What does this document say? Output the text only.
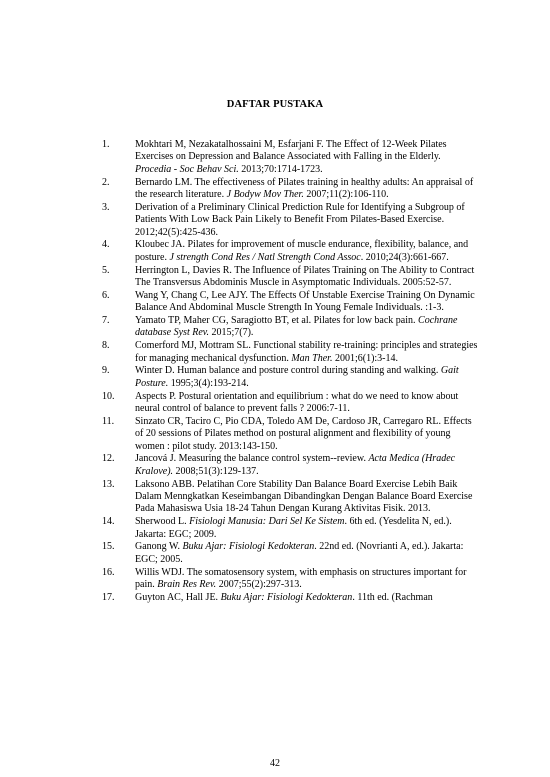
DAFTAR PUSTAKA
1.	Mokhtari M, Nezakatalhossaini M, Esfarjani F. The Effect of 12-Week Pilates Exercises on Depression and Balance Associated with Falling in the Elderly. Procedia - Soc Behav Sci. 2013;70:1714-1723.
2.	Bernardo LM. The effectiveness of Pilates training in healthy adults: An appraisal of the research literature. J Bodyw Mov Ther. 2007;11(2):106-110.
3.	Derivation of a Preliminary Clinical Prediction Rule for Identifying a Subgroup of Patients With Low Back Pain Likely to Benefit From Pilates-Based Exercise. 2012;42(5):425-436.
4.	Kloubec JA. Pilates for improvement of muscle endurance, flexibility, balance, and posture. J strength Cond Res / Natl Strength Cond Assoc. 2010;24(3):661-667.
5.	Herrington L, Davies R. The Influence of Pilates Training on The Ability to Contract The Transversus Abdominis Muscle in Asymptomatic Individuals. 2005:52-57.
6.	Wang Y, Chang C, Lee AJY. The Effects Of Unstable Exercise Training On Dynamic Balance And Abdominal Muscle Strength In Young Female Individuals. :1-3.
7.	Yamato TP, Maher CG, Saragiotto BT, et al. Pilates for low back pain. Cochrane database Syst Rev. 2015;7(7).
8.	Comerford MJ, Mottram SL. Functional stability re-training: principles and strategies for managing mechanical dysfunction. Man Ther. 2001;6(1):3-14.
9.	Winter D. Human balance and posture control during standing and walking. Gait Posture. 1995;3(4):193-214.
10. Aspects P. Postural orientation and equilibrium : what do we need to know about neural control of balance to prevent falls ? 2006:7-11.
11. Sinzato CR, Taciro C, Pio CDA, Toledo AM De, Cardoso JR, Carregaro RL. Effects of 20 sessions of Pilates method on postural alignment and flexibility of young women : pilot study. 2013:143-150.
12. Jancová J. Measuring the balance control system--review. Acta Medica (Hradec Kralove). 2008;51(3):129-137.
13. Laksono ABB. Pelatihan Core Stability Dan Balance Board Exercise Lebih Baik Dalam Menngkatkan Keseimbangan Dibandingkan Dengan Balance Board Exercise Pada Mahasiswa Usia 18-24 Tahun Dengan Kurang Aktivitas Fisik. 2013.
14. Sherwood L. Fisiologi Manusia: Dari Sel Ke Sistem. 6th ed. (Yesdelita N, ed.). Jakarta: EGC; 2009.
15. Ganong W. Buku Ajar: Fisiologi Kedokteran. 22nd ed. (Novrianti A, ed.). Jakarta: EGC; 2005.
16. Willis WDJ. The somatosensory system, with emphasis on structures important for pain. Brain Res Rev. 2007;55(2):297-313.
17. Guyton AC, Hall JE. Buku Ajar: Fisiologi Kedokteran. 11th ed. (Rachman
42
